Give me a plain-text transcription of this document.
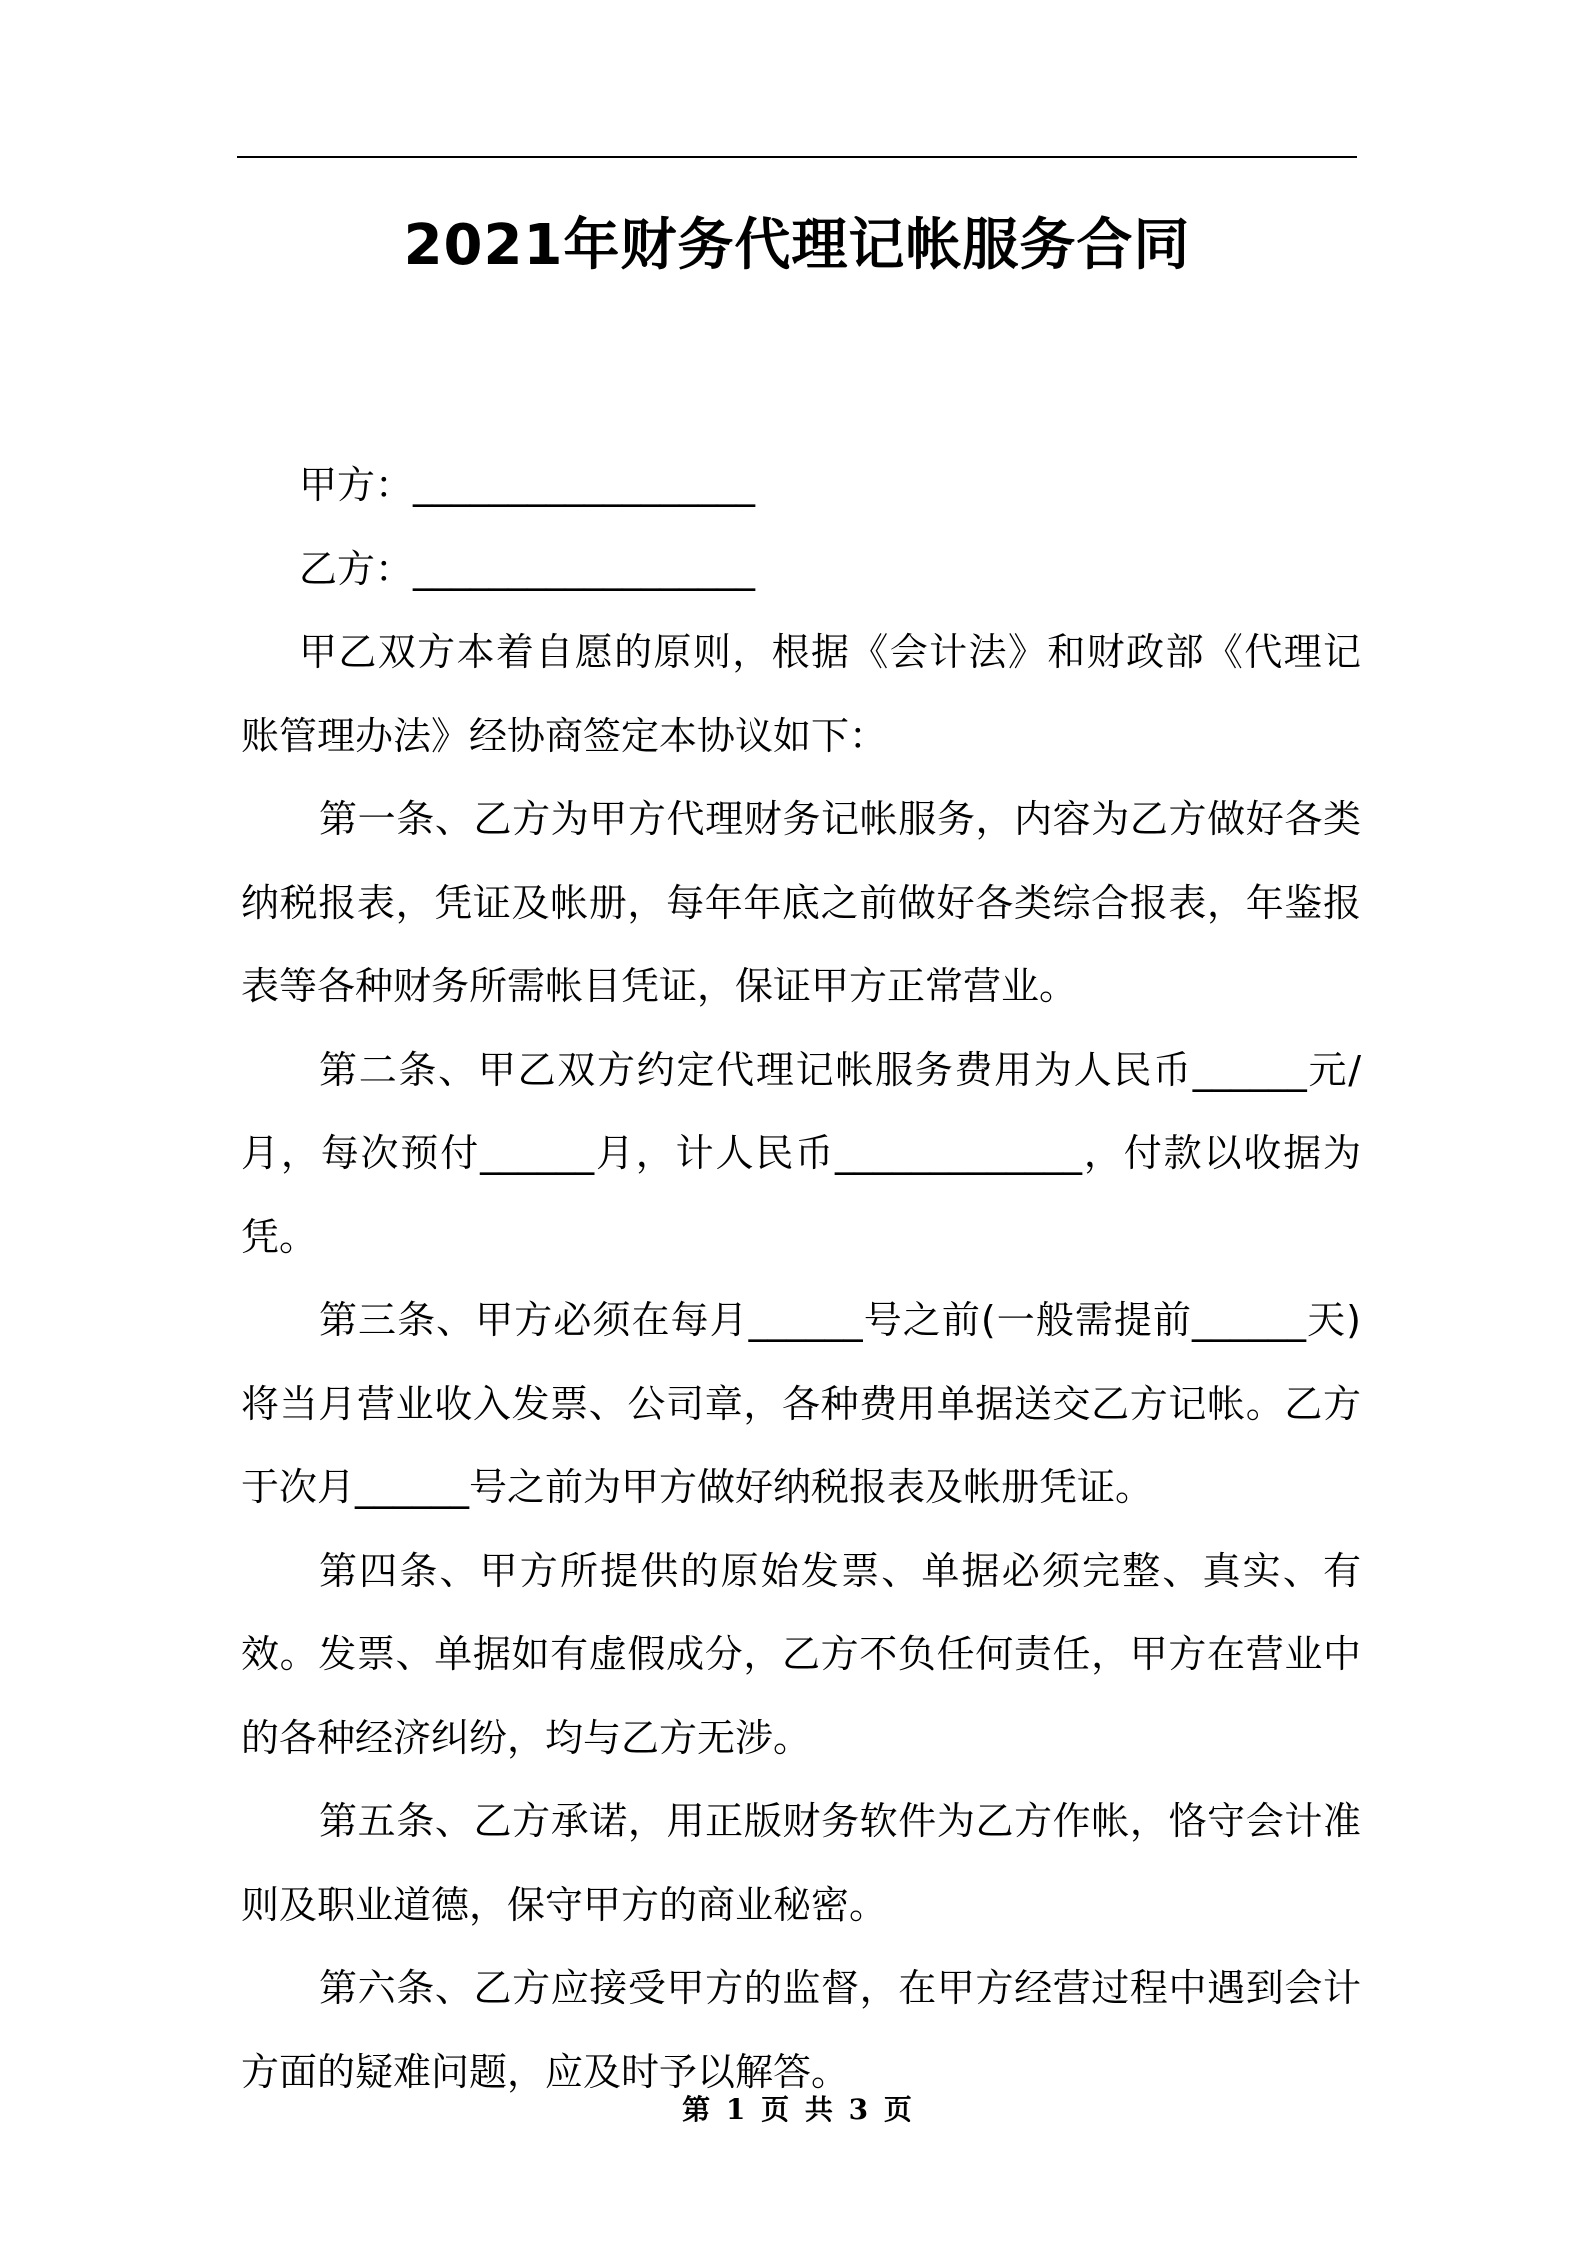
2021年财务代理记帐服务合同

甲方：__________________

乙方：__________________

甲乙双方本着自愿的原则，根据《会计法》和财政部《代理记账管理办法》经协商签定本协议如下：

第一条、乙方为甲方代理财务记帐服务，内容为乙方做好各类纳税报表，凭证及帐册，每年年底之前做好各类综合报表，年鉴报表等各种财务所需帐目凭证，保证甲方正常营业。

第二条、甲乙双方约定代理记帐服务费用为人民币______元/月，每次预付______月，计人民币_____________，付款以收据为凭。

第三条、甲方必须在每月______号之前(一般需提前______天)将当月营业收入发票、公司章，各种费用单据送交乙方记帐。乙方于次月______号之前为甲方做好纳税报表及帐册凭证。

第四条、甲方所提供的原始发票、单据必须完整、真实、有效。发票、单据如有虚假成分，乙方不负任何责任，甲方在营业中的各种经济纠纷，均与乙方无涉。

第五条、乙方承诺，用正版财务软件为乙方作帐，恪守会计准则及职业道德，保守甲方的商业秘密。

第六条、乙方应接受甲方的监督，在甲方经营过程中遇到会计方面的疑难问题，应及时予以解答。

第 1 页 共 3 页
